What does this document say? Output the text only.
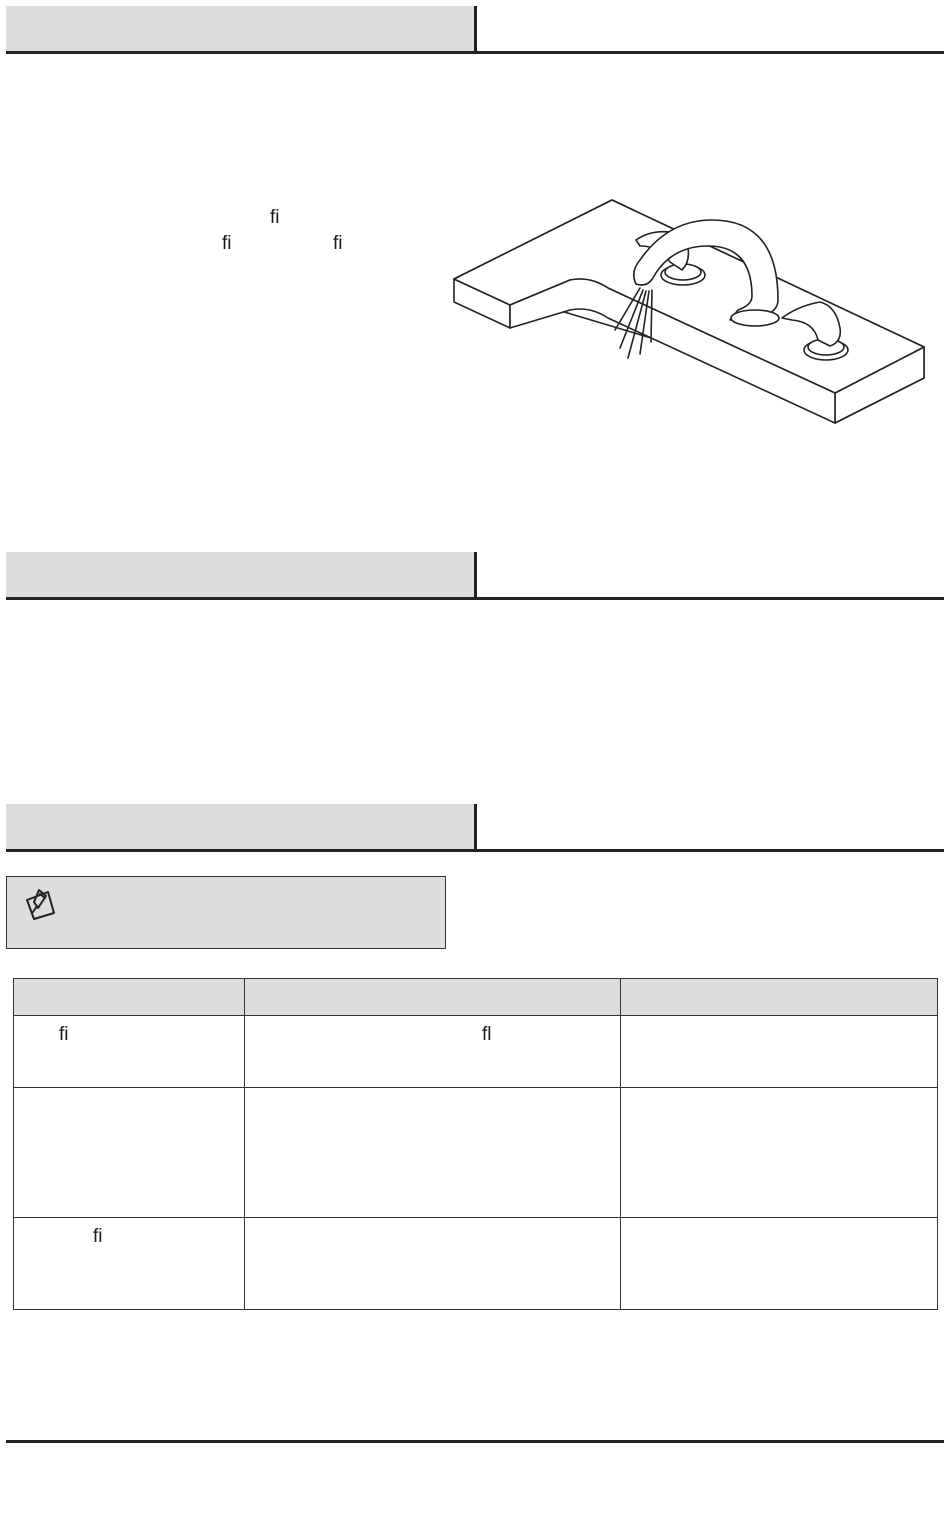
fi
fi	fi

fi	fl	

fi		
